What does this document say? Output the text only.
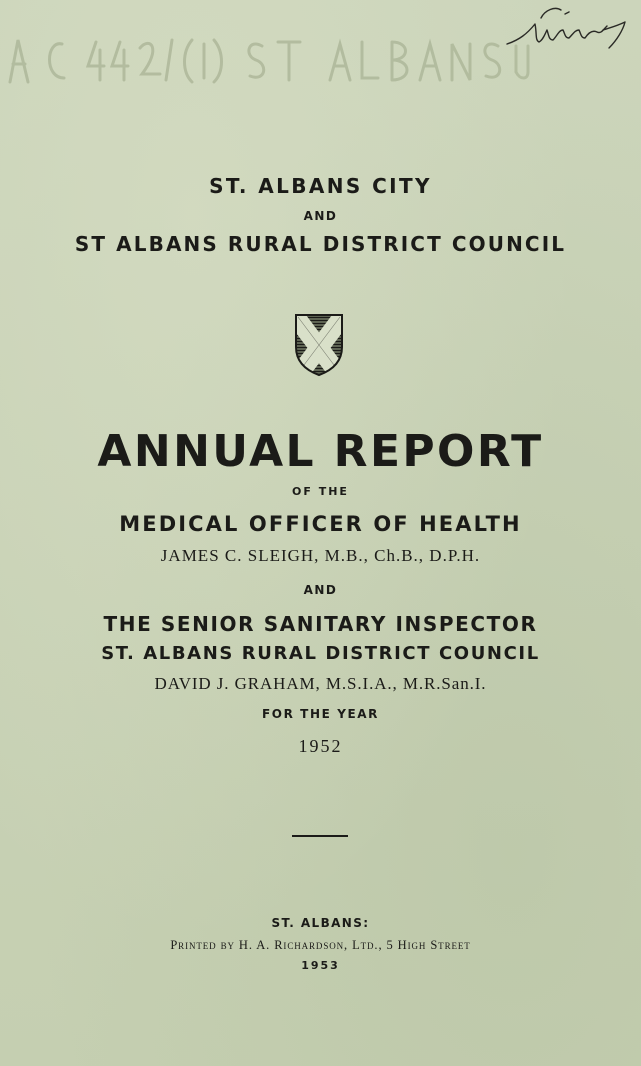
ST. ALBANS CITY
AND
ST ALBANS RURAL DISTRICT COUNCIL
ANNUAL REPORT
OF THE
MEDICAL OFFICER OF HEALTH
JAMES C. SLEIGH, M.B., Ch.B., D.P.H.
AND
THE SENIOR SANITARY INSPECTOR
ST. ALBANS RURAL DISTRICT COUNCIL
DAVID J. GRAHAM, M.S.I.A., M.R.San.I.
FOR THE YEAR
1952
ST. ALBANS:
Printed by H. A. Richardson, Ltd., 5 High Street
1953
